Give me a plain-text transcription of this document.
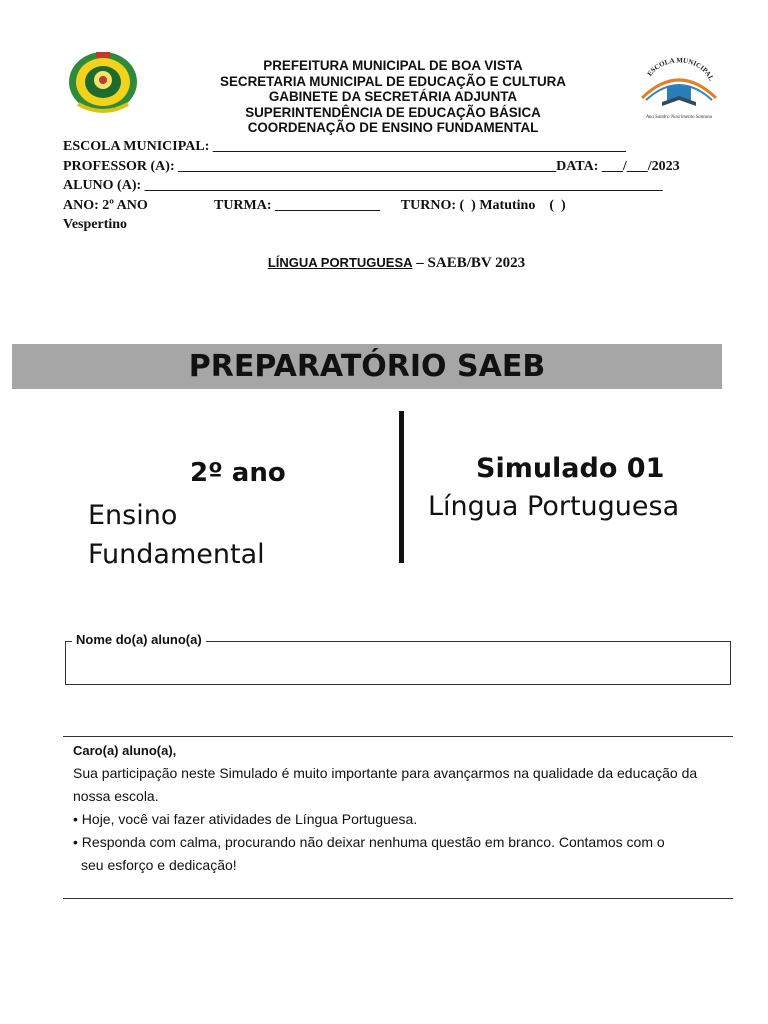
PREFEITURA MUNICIPAL DE BOA VISTA
SECRETARIA MUNICIPAL DE EDUCAÇÃO E CULTURA
GABINETE DA SECRETÁRIA ADJUNTA
SUPERINTENDÊNCIA DE EDUCAÇÃO BÁSICA
COORDENAÇÃO DE ENSINO FUNDAMENTAL
ESCOLA MUNICIPAL
PROFESSORA
Ana Sandra Nascimento Santana
ESCOLA MUNICIPAL: ___________________________________________________________
PROFESSOR (A): ______________________________________________________DATA: ___/___/2023
ALUNO (A): __________________________________________________________________________
ANO: 2º ANO                   TURMA: _______________      TURNO: (  ) Matutino    (  )
Vespertino
LÍNGUA PORTUGUESA – SAEB/BV 2023
PREPARATÓRIO SAEB
2º ano
Ensino
Fundamental
Simulado 01
Língua Portuguesa
Nome do(a) aluno(a)
Caro(a) aluno(a),
Sua participação neste Simulado é muito importante para avançarmos na qualidade da educação da
nossa escola.
• Hoje, você vai fazer atividades de Língua Portuguesa.
• Responda com calma, procurando não deixar nenhuma questão em branco. Contamos com o
seu esforço e dedicação!
